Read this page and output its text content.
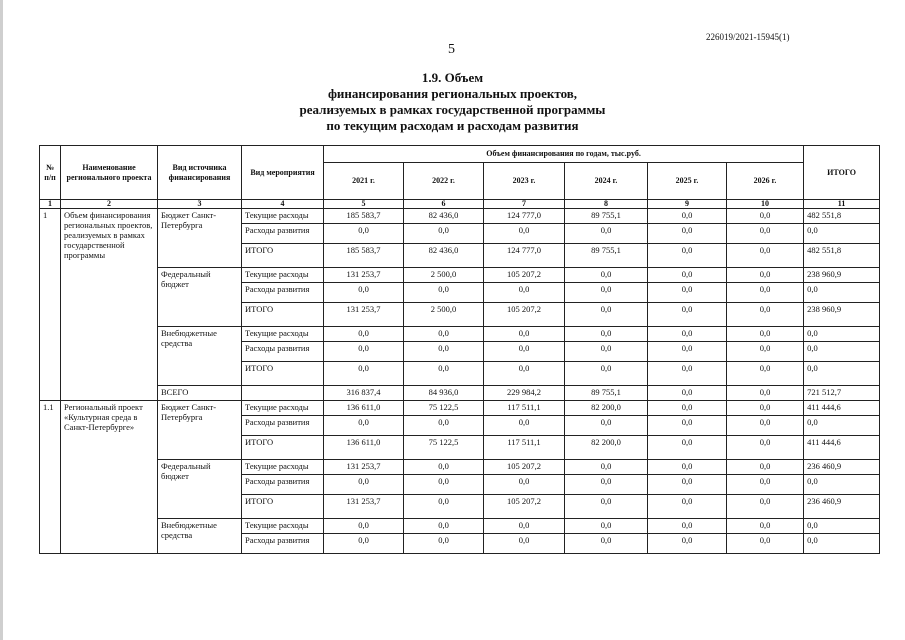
226019/2021-15945(1)
5
1.9. Объем
финансирования региональных проектов,
реализуемых в рамках государственной программы
по текущим расходам и расходам развития
№ п/п	Наименование регионального проекта	Вид источника финансирования	Вид мероприятия	Объем финансирования по годам, тыс.руб.						ИТОГО
				2021 г.	2022 г.	2023 г.	2024 г.	2025 г.	2026 г.	
1	2	3	4	5	6	7	8	9	10	11
1	Объем финансирования региональных проектов, реализуемых в рамках государственной программы	Бюджет Санкт-Петербурга	Текущие расходы	185 583,7	82 436,0	124 777,0	89 755,1	0,0	0,0	482 551,8
			Расходы развития	0,0	0,0	0,0	0,0	0,0	0,0	0,0
			ИТОГО	185 583,7	82 436,0	124 777,0	89 755,1	0,0	0,0	482 551,8
		Федеральный бюджет	Текущие расходы	131 253,7	2 500,0	105 207,2	0,0	0,0	0,0	238 960,9
			Расходы развития	0,0	0,0	0,0	0,0	0,0	0,0	0,0
			ИТОГО	131 253,7	2 500,0	105 207,2	0,0	0,0	0,0	238 960,9
		Внебюджетные средства	Текущие расходы	0,0	0,0	0,0	0,0	0,0	0,0	0,0
			Расходы развития	0,0	0,0	0,0	0,0	0,0	0,0	0,0
			ИТОГО	0,0	0,0	0,0	0,0	0,0	0,0	0,0
		ВСЕГО		316 837,4	84 936,0	229 984,2	89 755,1	0,0	0,0	721 512,7
1.1	Региональный проект «Культурная среда в Санкт-Петербурге»	Бюджет Санкт-Петербурга	Текущие расходы	136 611,0	75 122,5	117 511,1	82 200,0	0,0	0,0	411 444,6
			Расходы развития	0,0	0,0	0,0	0,0	0,0	0,0	0,0
			ИТОГО	136 611,0	75 122,5	117 511,1	82 200,0	0,0	0,0	411 444,6
		Федеральный бюджет	Текущие расходы	131 253,7	0,0	105 207,2	0,0	0,0	0,0	236 460,9
			Расходы развития	0,0	0,0	0,0	0,0	0,0	0,0	0,0
			ИТОГО	131 253,7	0,0	105 207,2	0,0	0,0	0,0	236 460,9
		Внебюджетные средства	Текущие расходы	0,0	0,0	0,0	0,0	0,0	0,0	0,0
			Расходы развития	0,0	0,0	0,0	0,0	0,0	0,0	0,0
